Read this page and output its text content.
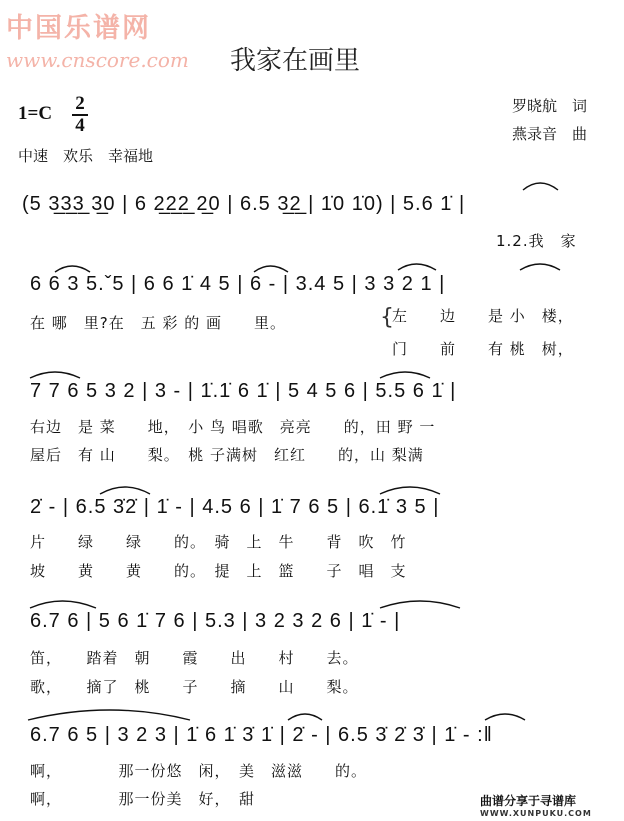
中国乐谱网
www.cnscore.com 我家在画里
1=C 2
4
中速　欢乐　幸福地
罗晓航　词
燕录音　曲
(5 3̲3̲3̲ 3̲0 | 6 2̲2̲2̲ 2̲0 | 6.5 3̲2̲ | 1̇0 1̇0) | 5.6 1̇ |
1.2.我　家
6 6 3 5.ˇ5 | 6 6 1̇ 4 5 | 6 - | 3.4 5 | 3 3 2 1 |
在 哪　里?在　五 彩 的 画　　里。	{
左　　边　　是 小　楼，
门　　前　　有 桃　树，
7 7 6 5 3 2 | 3 - | 1̇.1̇ 6 1̇ | 5 4 5 6 | 5.5 6 1̇ |
右边　是 菜　　地，　小 鸟 唱歌　亮亮　　的，田 野 一
屋后　有 山　　梨。　桃 子满树　红红　　的，山 梨满
2̇ - | 6.5 3̇2̇ | 1̇ - | 4.5 6 | 1̇ 7 6 5 | 6.1̇ 3 5 |
片　　绿　　绿　　的。　骑　上　牛　　背　吹　竹
坡　　黄　　黄　　的。　提　上　篮　　子　唱　支
6.7 6 | 5 6 1̇ 7 6 | 5.3 | 3 2 3 2 6 | 1̇ - |
笛，　　踏着　朝　　霞　　出　　村　　去。
歌，　　摘了　桃　　子　　摘　　山　　梨。
6.7 6 5 | 3 2 3 | 1̇ 6 1̇ 3̇ 1̇ | 2̇ - | 6.5 3̇ 2̇ 3̇ | 1̇ - :‖
啊，　　　　那一份悠　闲，　美　滋滋　　的。
啊，　　　　那一份美　好，　甜	曲谱分享于寻谱库
WWW.XUNPUKU.COM
